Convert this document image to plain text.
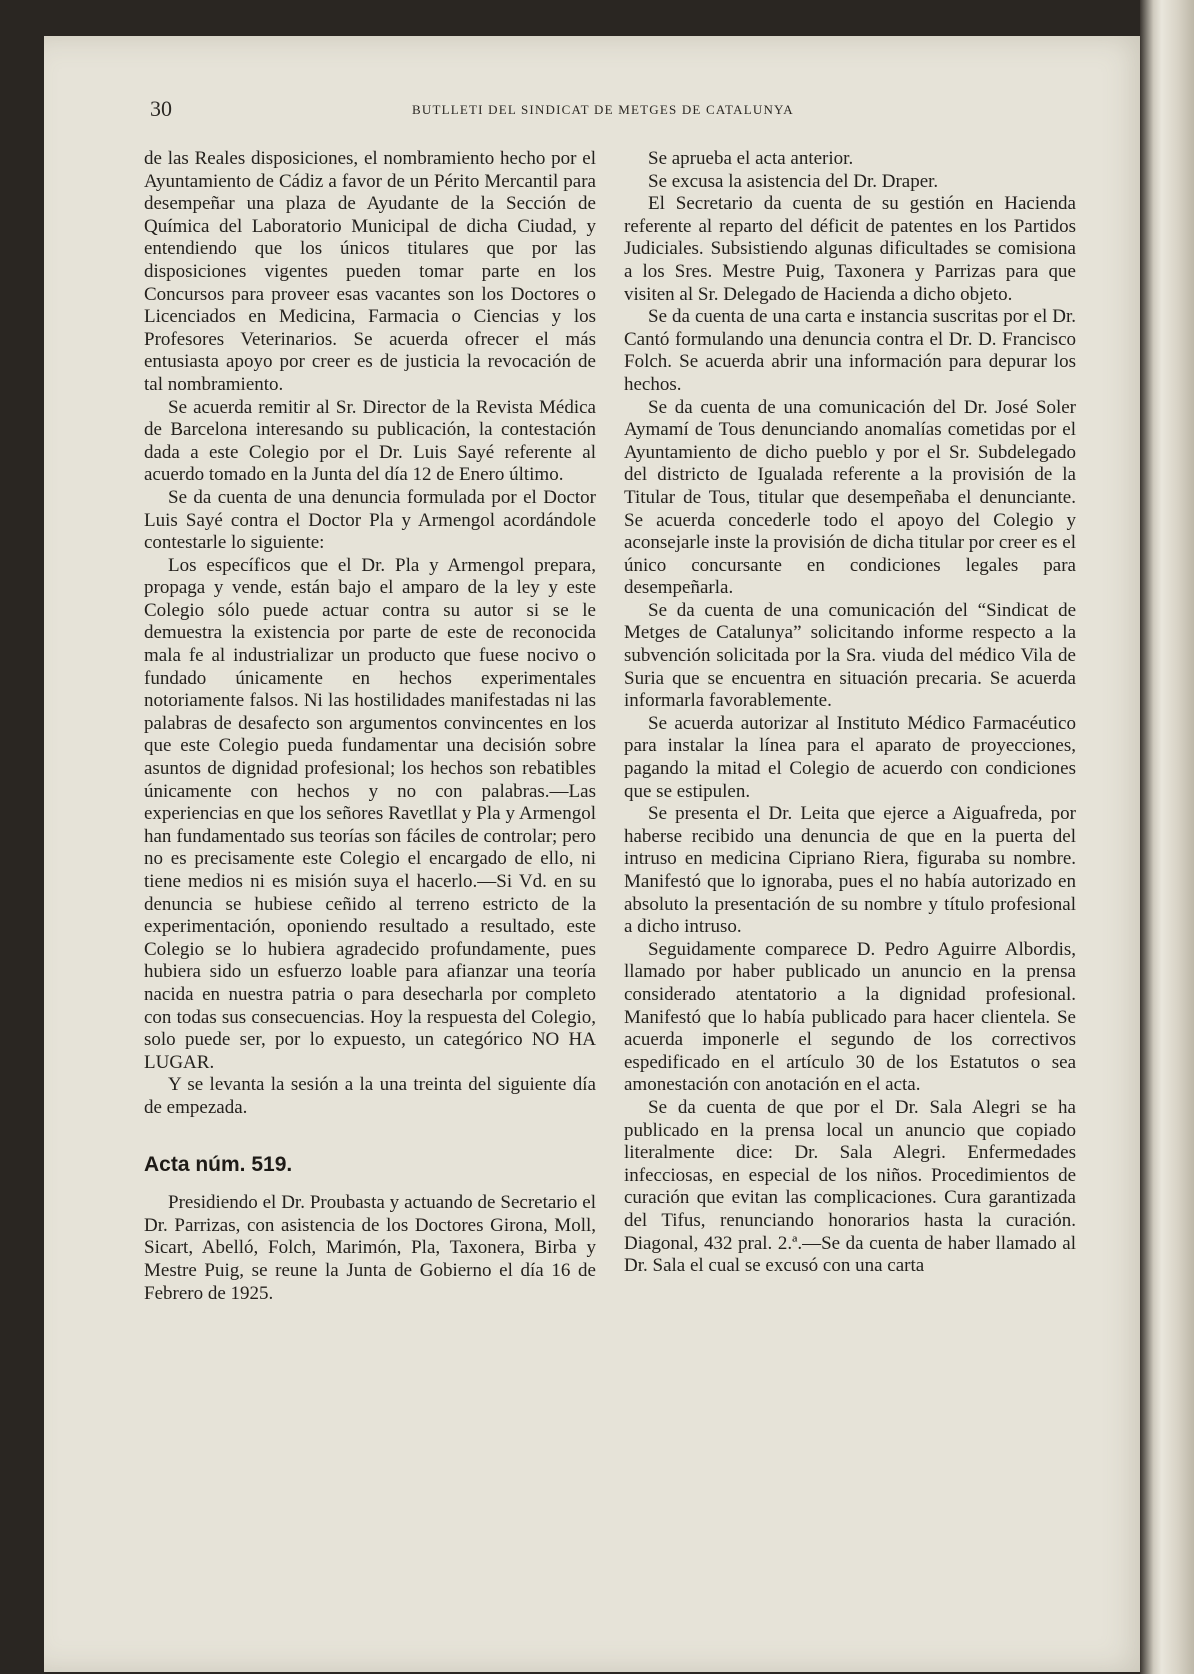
30	BUTLLETI DEL SINDICAT DE METGES DE CATALUNYA

de las Reales disposiciones, el nombramiento hecho por el Ayuntamiento de Cádiz a favor de un Périto Mercantil para desempeñar una plaza de Ayudante de la Sección de Química del Laboratorio Municipal de dicha Ciudad, y entendiendo que los únicos titulares que por las disposiciones vigentes pueden tomar parte en los Concursos para proveer esas vacantes son los Doctores o Licenciados en Medicina, Farmacia o Ciencias y los Profesores Veterinarios. Se acuerda ofrecer el más entusiasta apoyo por creer es de justicia la revocación de tal nombramiento.

Se acuerda remitir al Sr. Director de la Revista Médica de Barcelona interesando su publicación, la contestación dada a este Colegio por el Dr. Luis Sayé referente al acuerdo tomado en la Junta del día 12 de Enero último.

Se da cuenta de una denuncia formulada por el Doctor Luis Sayé contra el Doctor Pla y Armengol acordándole contestarle lo siguiente:

Los específicos que el Dr. Pla y Armengol prepara, propaga y vende, están bajo el amparo de la ley y este Colegio sólo puede actuar contra su autor si se le demuestra la existencia por parte de este de reconocida mala fe al industrializar un producto que fuese nocivo o fundado únicamente en hechos experimentales notoriamente falsos. Ni las hostilidades manifestadas ni las palabras de desafecto son argumentos convincentes en los que este Colegio pueda fundamentar una decisión sobre asuntos de dignidad profesional; los hechos son rebatibles únicamente con hechos y no con palabras.—Las experiencias en que los señores Ravetllat y Pla y Armengol han fundamentado sus teorías son fáciles de controlar; pero no es precisamente este Colegio el encargado de ello, ni tiene medios ni es misión suya el hacerlo.—Si Vd. en su denuncia se hubiese ceñido al terreno estricto de la experimentación, oponiendo resultado a resultado, este Colegio se lo hubiera agradecido profundamente, pues hubiera sido un esfuerzo loable para afianzar una teoría nacida en nuestra patria o para desecharla por completo con todas sus consecuencias. Hoy la respuesta del Colegio, solo puede ser, por lo expuesto, un categórico NO HA LUGAR.

Y se levanta la sesión a la una treinta del siguiente día de empezada.

Acta núm. 519.

Presidiendo el Dr. Proubasta y actuando de Secretario el Dr. Parrizas, con asistencia de los Doctores Girona, Moll, Sicart, Abelló, Folch, Marimón, Pla, Taxonera, Birba y Mestre Puig, se reune la Junta de Gobierno el día 16 de Febrero de 1925.

Se aprueba el acta anterior.

Se excusa la asistencia del Dr. Draper.

El Secretario da cuenta de su gestión en Hacienda referente al reparto del déficit de patentes en los Partidos Judiciales. Subsistiendo algunas dificultades se comisiona a los Sres. Mestre Puig, Taxonera y Parrizas para que visiten al Sr. Delegado de Hacienda a dicho objeto.

Se da cuenta de una carta e instancia suscritas por el Dr. Cantó formulando una denuncia contra el Dr. D. Francisco Folch. Se acuerda abrir una información para depurar los hechos.

Se da cuenta de una comunicación del Dr. José Soler Aymamí de Tous denunciando anomalías cometidas por el Ayuntamiento de dicho pueblo y por el Sr. Subdelegado del districto de Igualada referente a la provisión de la Titular de Tous, titular que desempeñaba el denunciante. Se acuerda concederle todo el apoyo del Colegio y aconsejarle inste la provisión de dicha titular por creer es el único concursante en condiciones legales para desempeñarla.

Se da cuenta de una comunicación del “Sindicat de Metges de Catalunya” solicitando informe respecto a la subvención solicitada por la Sra. viuda del médico Vila de Suria que se encuentra en situación precaria. Se acuerda informarla favorablemente.

Se acuerda autorizar al Instituto Médico Farmacéutico para instalar la línea para el aparato de proyecciones, pagando la mitad el Colegio de acuerdo con condiciones que se estipulen.

Se presenta el Dr. Leita que ejerce a Aiguafreda, por haberse recibido una denuncia de que en la puerta del intruso en medicina Cipriano Riera, figuraba su nombre. Manifestó que lo ignoraba, pues el no había autorizado en absoluto la presentación de su nombre y título profesional a dicho intruso.

Seguidamente comparece D. Pedro Aguirre Albordis, llamado por haber publicado un anuncio en la prensa considerado atentatorio a la dignidad profesional. Manifestó que lo había publicado para hacer clientela. Se acuerda imponerle el segundo de los correctivos espedificado en el artículo 30 de los Estatutos o sea amonestación con anotación en el acta.

Se da cuenta de que por el Dr. Sala Alegri se ha publicado en la prensa local un anuncio que copiado literalmente dice: Dr. Sala Alegri. Enfermedades infecciosas, en especial de los niños. Procedimientos de curación que evitan las complicaciones. Cura garantizada del Tifus, renunciando honorarios hasta la curación. Diagonal, 432 pral. 2.ª.—Se da cuenta de haber llamado al Dr. Sala el cual se excusó con una carta
